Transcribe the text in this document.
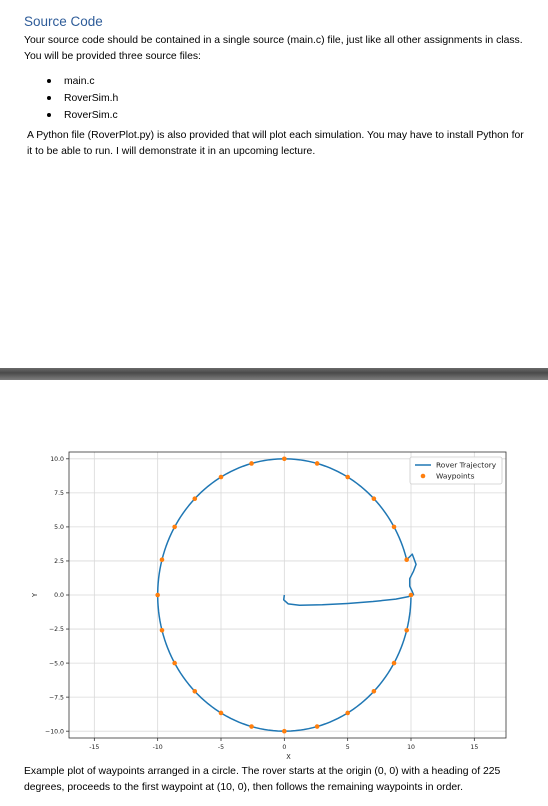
Source Code
Your source code should be contained in a single source (main.c) file, just like all other assignments in class. You will be provided three source files:
main.c
RoverSim.h
RoverSim.c
A Python file (RoverPlot.py) is also provided that will plot each simulation. You may have to install Python for it to be able to run. I will demonstrate it in an upcoming lecture.
-15	-10	-5	0	5	10	15
10.0
7.5
5.0
2.5
0.0
−2.5
−5.0
−7.5
−10.0
X
Y
Rover Trajectory
Waypoints
Example plot of waypoints arranged in a circle. The rover starts at the origin (0, 0) with a heading of 225 degrees, proceeds to the first waypoint at (10, 0), then follows the remaining waypoints in order.
